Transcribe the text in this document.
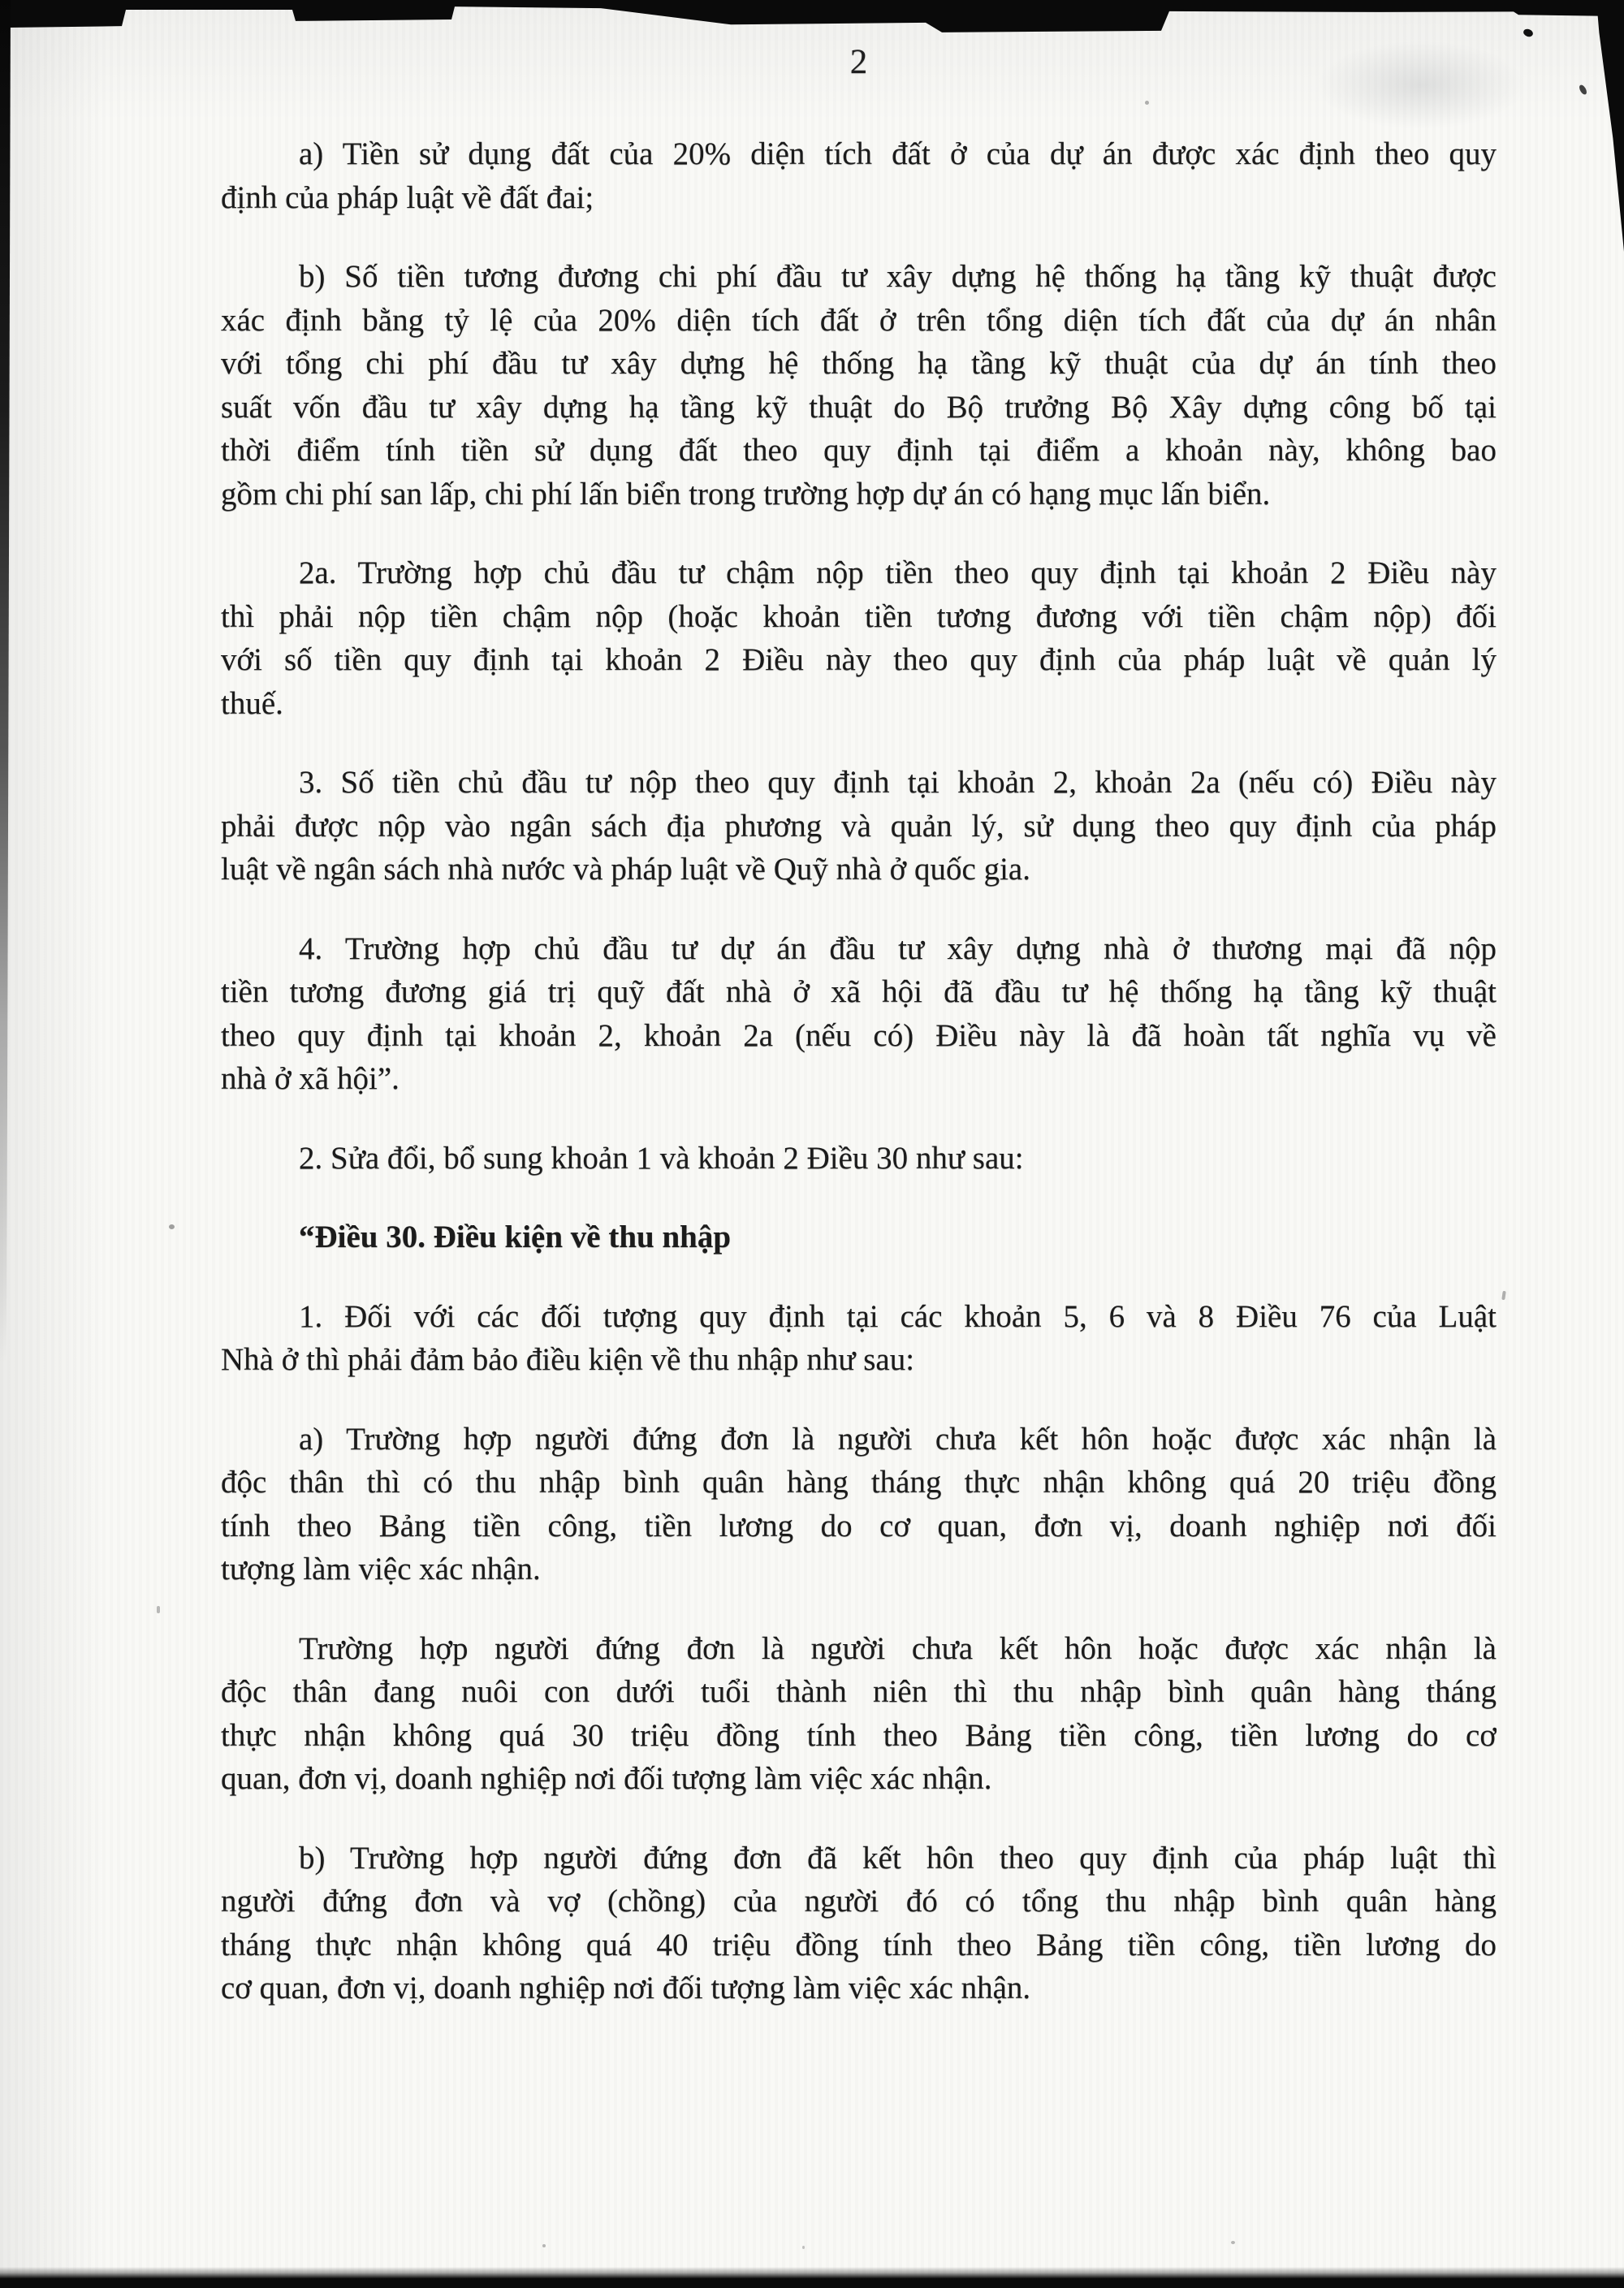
2
a) Tiền sử dụng đất của 20% diện tích đất ở của dự án được xác định theo quy
định của pháp luật về đất đai;
b) Số tiền tương đương chi phí đầu tư xây dựng hệ thống hạ tầng kỹ thuật được
xác định bằng tỷ lệ của 20% diện tích đất ở trên tổng diện tích đất của dự án nhân
với tổng chi phí đầu tư xây dựng hệ thống hạ tầng kỹ thuật của dự án tính theo
suất vốn đầu tư xây dựng hạ tầng kỹ thuật do Bộ trưởng Bộ Xây dựng công bố tại
thời điểm tính tiền sử dụng đất theo quy định tại điểm a khoản này, không bao
gồm chi phí san lấp, chi phí lấn biển trong trường hợp dự án có hạng mục lấn biển.
2a. Trường hợp chủ đầu tư chậm nộp tiền theo quy định tại khoản 2 Điều này
thì phải nộp tiền chậm nộp (hoặc khoản tiền tương đương với tiền chậm nộp) đối
với số tiền quy định tại khoản 2 Điều này theo quy định của pháp luật về quản lý
thuế.
3. Số tiền chủ đầu tư nộp theo quy định tại khoản 2, khoản 2a (nếu có) Điều này
phải được nộp vào ngân sách địa phương và quản lý, sử dụng theo quy định của pháp
luật về ngân sách nhà nước và pháp luật về Quỹ nhà ở quốc gia.
4. Trường hợp chủ đầu tư dự án đầu tư xây dựng nhà ở thương mại đã nộp
tiền tương đương giá trị quỹ đất nhà ở xã hội đã đầu tư hệ thống hạ tầng kỹ thuật
theo quy định tại khoản 2, khoản 2a (nếu có) Điều này là đã hoàn tất nghĩa vụ về
nhà ở xã hội”.
2. Sửa đổi, bổ sung khoản 1 và khoản 2 Điều 30 như sau:
“Điều 30. Điều kiện về thu nhập
1. Đối với các đối tượng quy định tại các khoản 5, 6 và 8 Điều 76 của Luật
Nhà ở thì phải đảm bảo điều kiện về thu nhập như sau:
a) Trường hợp người đứng đơn là người chưa kết hôn hoặc được xác nhận là
độc thân thì có thu nhập bình quân hàng tháng thực nhận không quá 20 triệu đồng
tính theo Bảng tiền công, tiền lương do cơ quan, đơn vị, doanh nghiệp nơi đối
tượng làm việc xác nhận.
Trường hợp người đứng đơn là người chưa kết hôn hoặc được xác nhận là
độc thân đang nuôi con dưới tuổi thành niên thì thu nhập bình quân hàng tháng
thực nhận không quá 30 triệu đồng tính theo Bảng tiền công, tiền lương do cơ
quan, đơn vị, doanh nghiệp nơi đối tượng làm việc xác nhận.
b) Trường hợp người đứng đơn đã kết hôn theo quy định của pháp luật thì
người đứng đơn và vợ (chồng) của người đó có tổng thu nhập bình quân hàng
tháng thực nhận không quá 40 triệu đồng tính theo Bảng tiền công, tiền lương do
cơ quan, đơn vị, doanh nghiệp nơi đối tượng làm việc xác nhận.
